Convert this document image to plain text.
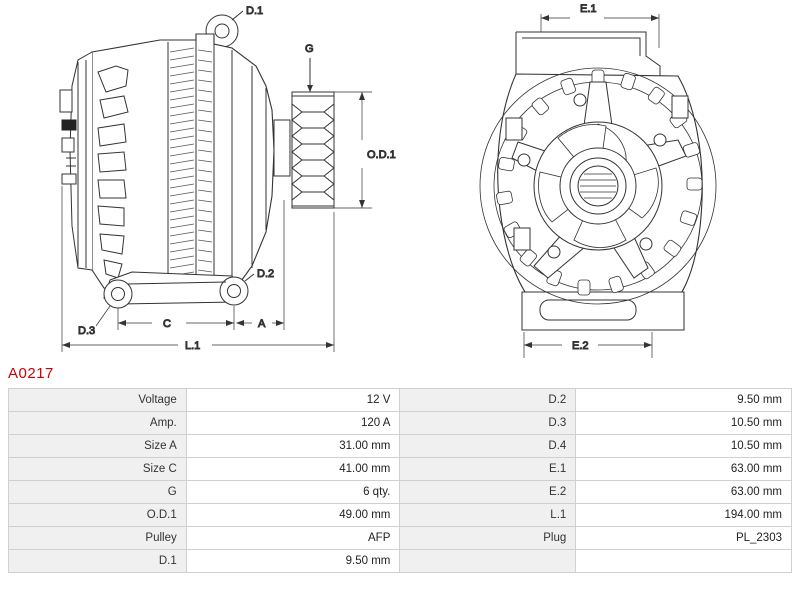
G
O.D.1
D.2
D.1
D.3
C	A
L.1
E.1
E.2
A0217
Voltage	12 V	D.2	9.50 mm
Amp.	120 A	D.3	10.50 mm
Size A	31.00 mm	D.4	10.50 mm
Size C	41.00 mm	E.1	63.00 mm
G	6 qty.	E.2	63.00 mm
O.D.1	49.00 mm	L.1	194.00 mm
Pulley	AFP	Plug	PL_2303
D.1	9.50 mm		
